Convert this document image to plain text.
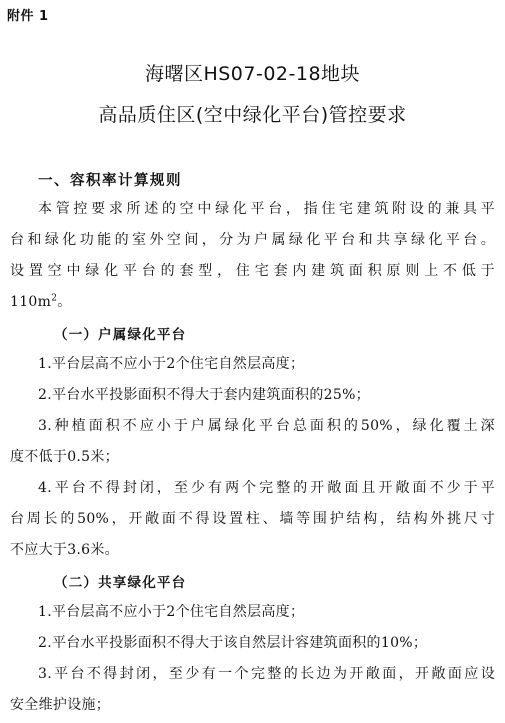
附件 1
海曙区HS07-02-18地块
高品质住区(空中绿化平台)管控要求
一、容积率计算规则
本管控要求所述的空中绿化平台，指住宅建筑附设的兼具平
台和绿化功能的室外空间，分为户属绿化平台和共享绿化平台。
设置空中绿化平台的套型，住宅套内建筑面积原则上不低于
$110m^2$。
（一）户属绿化平台
1.平台层高不应小于2个住宅自然层高度；
2.平台水平投影面积不得大于套内建筑面积的25%；
3.种植面积不应小于户属绿化平台总面积的50%，绿化覆土深
度不低于0.5米；
4.平台不得封闭，至少有两个完整的开敞面且开敞面不少于平
台周长的50%，开敞面不得设置柱、墙等围护结构，结构外挑尺寸
不应大于3.6米。
（二）共享绿化平台
1.平台层高不应小于2个住宅自然层高度；
2.平台水平投影面积不得大于该自然层计容建筑面积的10%；
3.平台不得封闭，至少有一个完整的长边为开敞面，开敞面应设
安全维护设施；
